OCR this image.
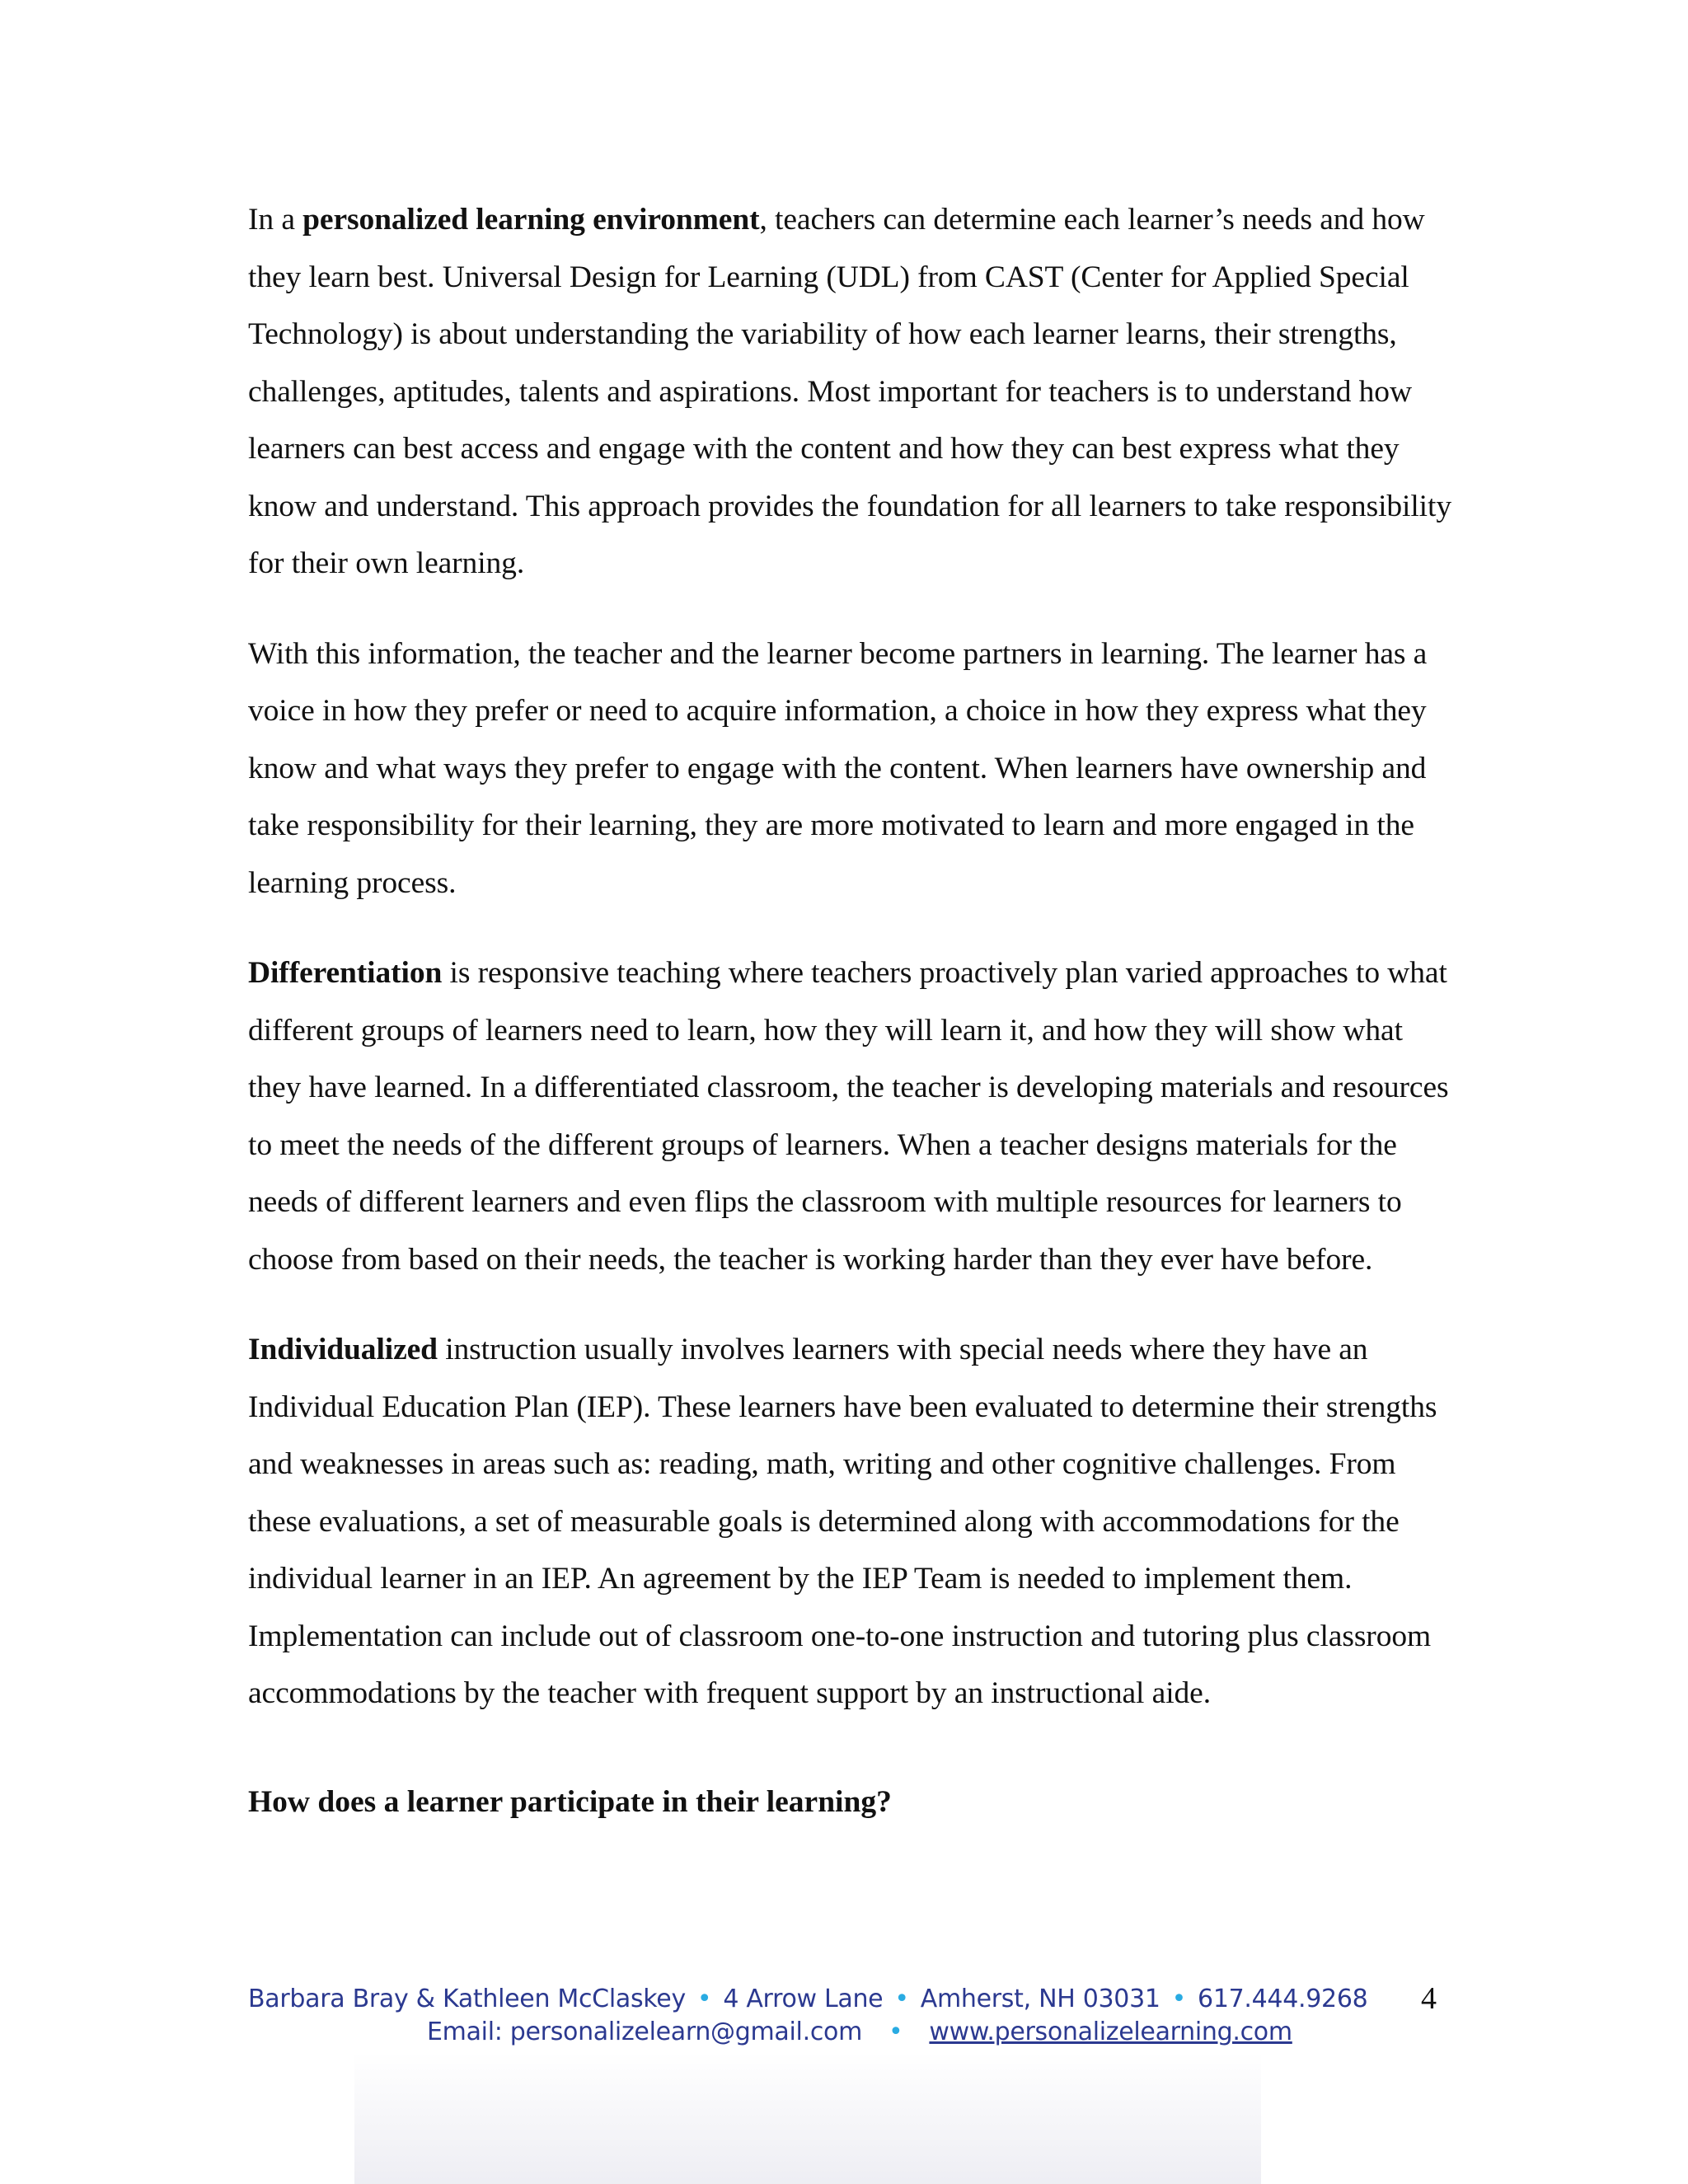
In a personalized learning environment, teachers can determine each learner’s needs and how they learn best. Universal Design for Learning (UDL) from CAST (Center for Applied Special Technology) is about understanding the variability of how each learner learns, their strengths, challenges, aptitudes, talents and aspirations. Most important for teachers is to understand how learners can best access and engage with the content and how they can best express what they know and understand. This approach provides the foundation for all learners to take responsibility for their own learning.

With this information, the teacher and the learner become partners in learning. The learner has a voice in how they prefer or need to acquire information, a choice in how they express what they know and what ways they prefer to engage with the content. When learners have ownership and take responsibility for their learning, they are more motivated to learn and more engaged in the learning process.

Differentiation is responsive teaching where teachers proactively plan varied approaches to what different groups of learners need to learn, how they will learn it, and how they will show what they have learned. In a differentiated classroom, the teacher is developing materials and resources to meet the needs of the different groups of learners. When a teacher designs materials for the needs of different learners and even flips the classroom with multiple resources for learners to choose from based on their needs, the teacher is working harder than they ever have before.

Individualized instruction usually involves learners with special needs where they have an Individual Education Plan (IEP). These learners have been evaluated to determine their strengths and weaknesses in areas such as: reading, math, writing and other cognitive challenges. From these evaluations, a set of measurable goals is determined along with accommodations for the individual learner in an IEP. An agreement by the IEP Team is needed to implement them. Implementation can include out of classroom one-to-one instruction and tutoring plus classroom accommodations by the teacher with frequent support by an instructional aide.

How does a learner participate in their learning?
Barbara Bray & Kathleen McClaskey • 4 Arrow Lane • Amherst, NH 03031 • 617.444.9268
Email: personalizelearn@gmail.com • www.personalizelearning.com
4
